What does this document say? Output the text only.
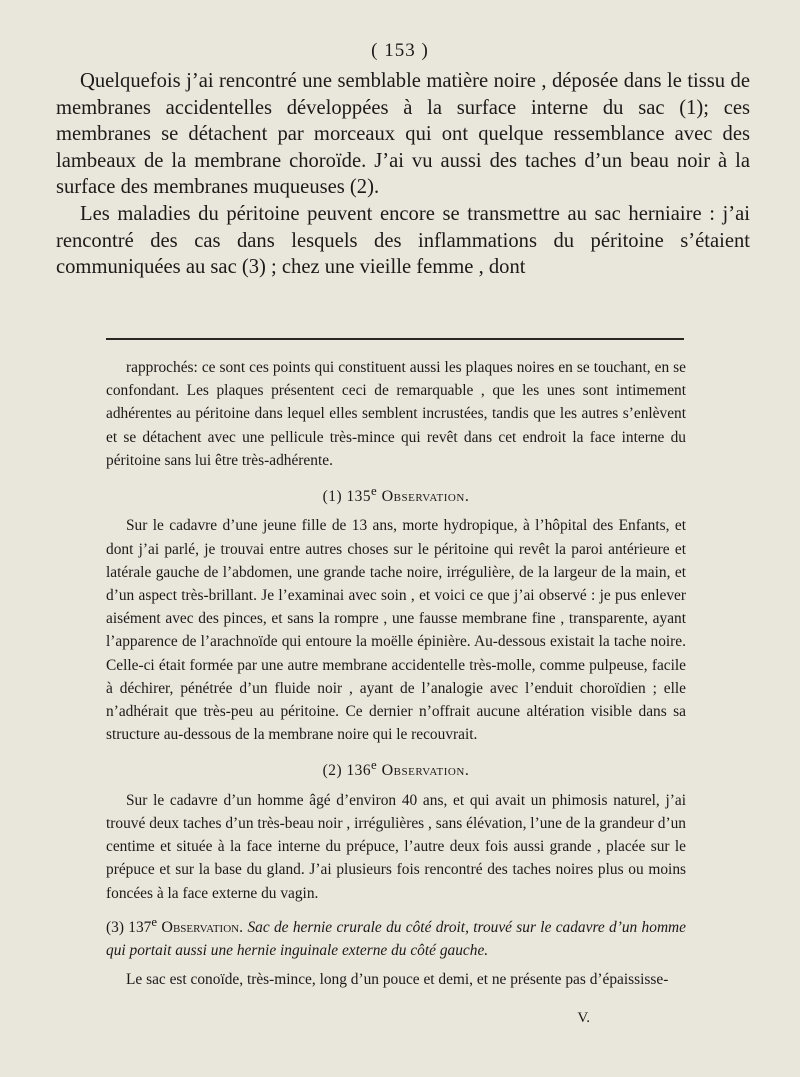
( 153 )

Quelquefois j’ai rencontré une semblable matière noire , déposée dans le tissu de membranes accidentelles développées à la surface interne du sac (1); ces membranes se détachent par morceaux qui ont quelque ressemblance avec des lambeaux de la membrane choroïde. J’ai vu aussi des taches d’un beau noir à la surface des membranes muqueuses (2).

Les maladies du péritoine peuvent encore se transmettre au sac herniaire : j’ai rencontré des cas dans lesquels des inflammations du péritoine s’étaient communiquées au sac (3) ; chez une vieille femme , dont

rapprochés: ce sont ces points qui constituent aussi les plaques noires en se touchant, en se confondant. Les plaques présentent ceci de remarquable , que les unes sont intimement adhérentes au péritoine dans lequel elles semblent incrustées, tandis que les autres s’enlèvent et se détachent avec une pellicule très-mince qui revêt dans cet endroit la face interne du péritoine sans lui être très-adhérente.

(1) 135e Observation.

Sur le cadavre d’une jeune fille de 13 ans, morte hydropique, à l’hôpital des Enfants, et dont j’ai parlé, je trouvai entre autres choses sur le péritoine qui revêt la paroi antérieure et latérale gauche de l’abdomen, une grande tache noire, irrégulière, de la largeur de la main, et d’un aspect très-brillant. Je l’examinai avec soin , et voici ce que j’ai observé : je pus enlever aisément avec des pinces, et sans la rompre , une fausse membrane fine , transparente, ayant l’apparence de l’arachnoïde qui entoure la moëlle épinière. Au-dessous existait la tache noire. Celle-ci était formée par une autre membrane accidentelle très-molle, comme pulpeuse, facile à déchirer, pénétrée d’un fluide noir , ayant de l’analogie avec l’enduit choroïdien ; elle n’adhérait que très-peu au péritoine. Ce dernier n’offrait aucune altération visible dans sa structure au-dessous de la membrane noire qui le recouvrait.

(2) 136e Observation.

Sur le cadavre d’un homme âgé d’environ 40 ans, et qui avait un phimosis naturel, j’ai trouvé deux taches d’un très-beau noir , irrégulières , sans élévation, l’une de la grandeur d’un centime et située à la face interne du prépuce, l’autre deux fois aussi grande , placée sur le prépuce et sur la base du gland. J’ai plusieurs fois rencontré des taches noires plus ou moins foncées à la face externe du vagin.

(3) 137e Observation. Sac de hernie crurale du côté droit, trouvé sur le cadavre d’un homme qui portait aussi une hernie inguinale externe du côté gauche.

Le sac est conoïde, très-mince, long d’un pouce et demi, et ne présente pas d’épaississe-

V.
